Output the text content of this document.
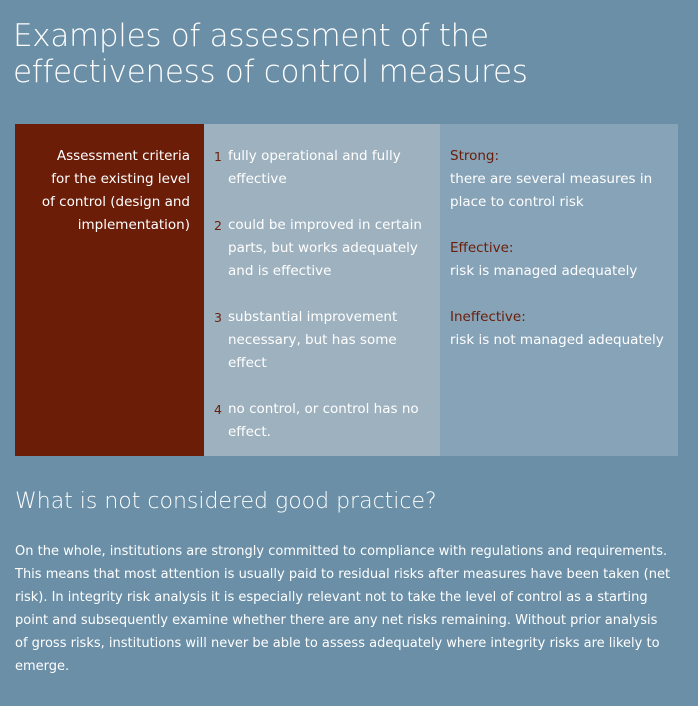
Examples of assessment of the
effectiveness of control measures
Assessment criteria
for the existing level
of control (design and
implementation)
1 fully operational and fully
effective
2 could be improved in certain
parts, but works adequately
and is effective
3 substantial improvement
necessary, but has some effect
4 no control, or control has no
effect.
Strong:
there are several measures in
place to control risk
Effective:
risk is managed adequately
Ineffective:
risk is not managed adequately
What is not considered good practice?
On the whole, institutions are strongly committed to compliance with regulations and requirements.
This means that most attention is usually paid to residual risks after measures have been taken (net
risk). In integrity risk analysis it is especially relevant not to take the level of control as a starting
point and subsequently examine whether there are any net risks remaining. Without prior analysis
of gross risks, institutions will never be able to assess adequately where integrity risks are likely to
emerge.
